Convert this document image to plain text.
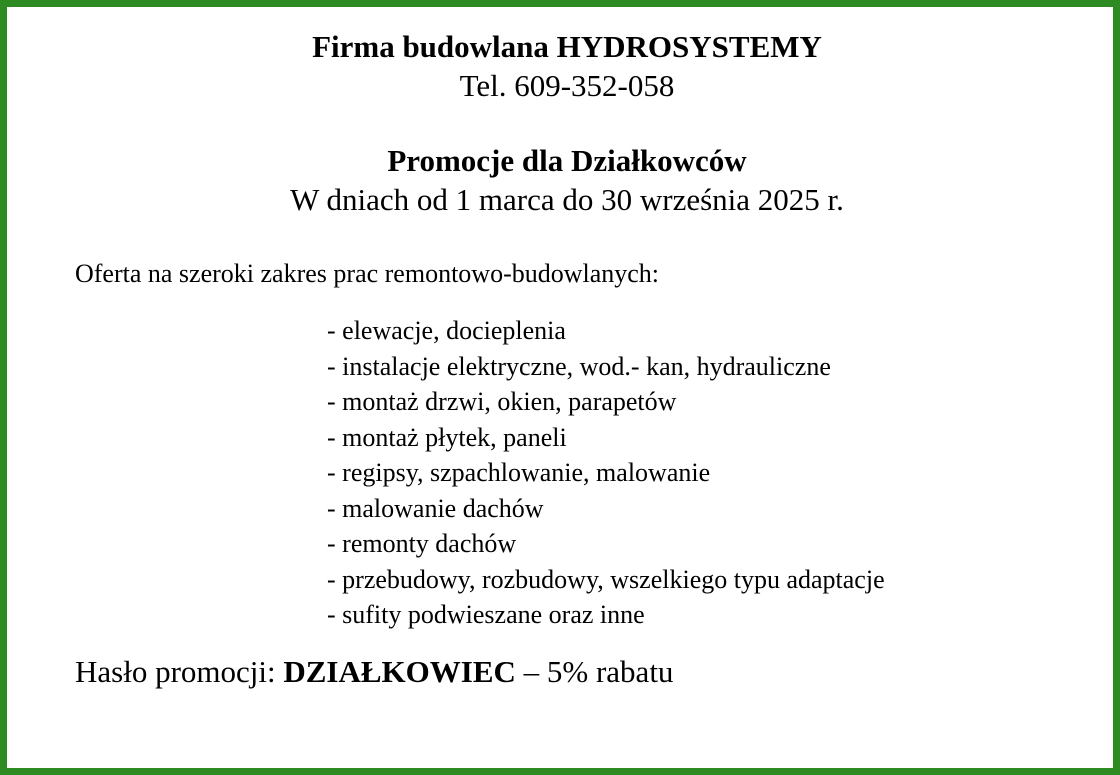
Firma budowlana HYDROSYSTEMY
Tel. 609-352-058
Promocje dla Działkowców
W dniach od 1 marca do 30 września 2025 r.
Oferta na szeroki zakres prac remontowo-budowlanych:
- elewacje, docieplenia
- instalacje elektryczne, wod.- kan, hydrauliczne
- montaż drzwi, okien, parapetów
- montaż płytek, paneli
- regipsy, szpachlowanie, malowanie
- malowanie dachów
- remonty dachów
- przebudowy, rozbudowy, wszelkiego typu adaptacje
- sufity podwieszane oraz inne
Hasło promocji: DZIAŁKOWIEC – 5% rabatu
